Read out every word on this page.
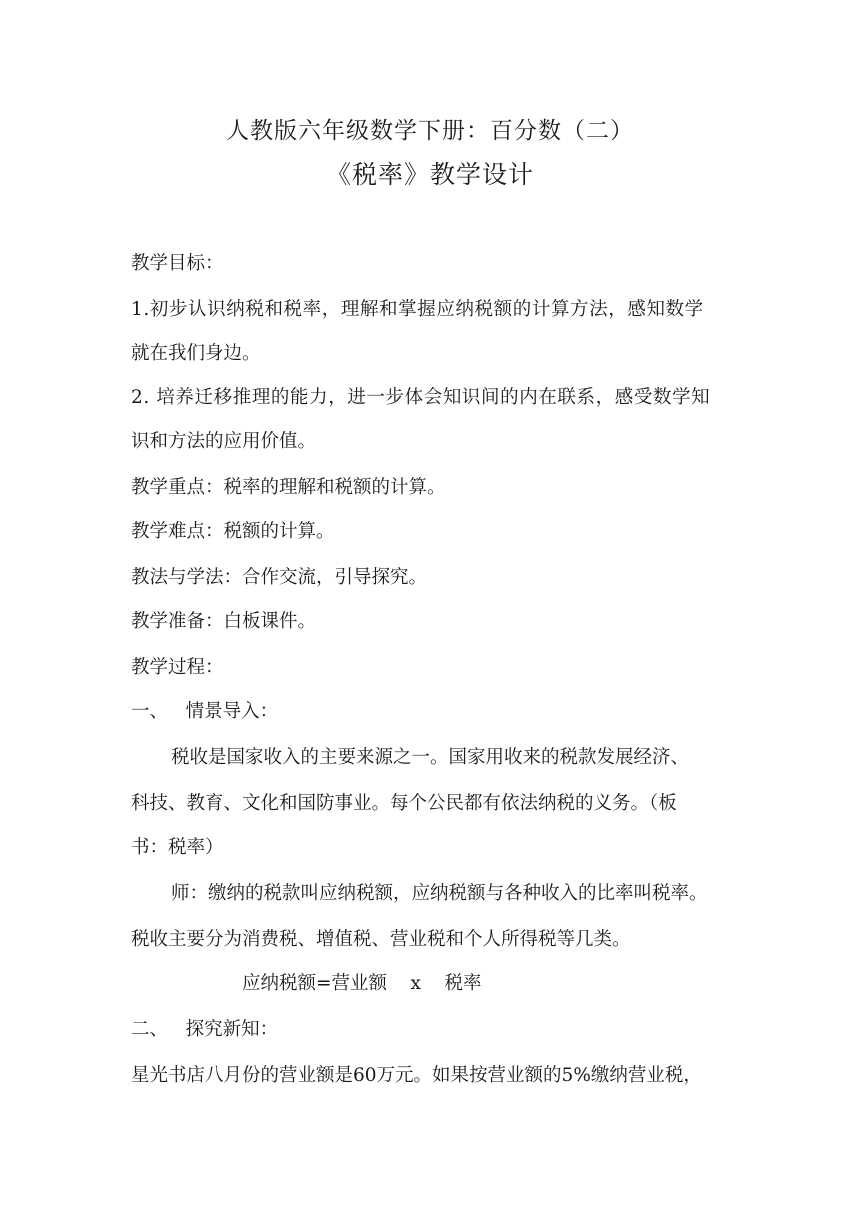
人教版六年级数学下册：百分数（二）
《税率》教学设计
教学目标：
1.初步认识纳税和税率，理解和掌握应纳税额的计算方法，感知数学
就在我们身边。
2. 培养迁移推理的能力，进一步体会知识间的内在联系，感受数学知
识和方法的应用价值。
教学重点：税率的理解和税额的计算。
教学难点：税额的计算。
教法与学法：合作交流，引导探究。
教学准备：白板课件。
教学过程：
一、   情景导入：
税收是国家收入的主要来源之一。国家用收来的税款发展经济、
科技、教育、文化和国防事业。每个公民都有依法纳税的义务。（板
书：税率）
师：缴纳的税款叫应纳税额，应纳税额与各种收入的比率叫税率。
税收主要分为消费税、增值税、营业税和个人所得税等几类。
应纳税额=营业额    x    税率
二、   探究新知：
星光书店八月份的营业额是60万元。如果按营业额的5%缴纳营业税，
